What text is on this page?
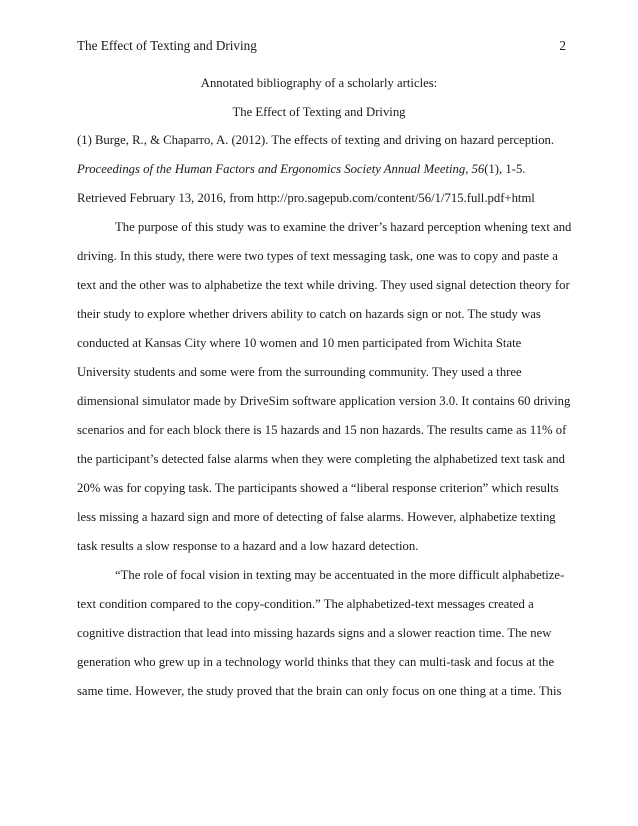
The Effect of Texting and Driving	2
Annotated bibliography of a scholarly articles:
The Effect of Texting and Driving
(1) Burge, R., & Chaparro, A. (2012). The effects of texting and driving on hazard perception.
Proceedings of the Human Factors and Ergonomics Society Annual Meeting, 56(1), 1-5.
Retrieved February 13, 2016, from http://pro.sagepub.com/content/56/1/715.full.pdf+html
The purpose of this study was to examine the driver’s hazard perception whening text and
driving. In this study, there were two types of text messaging task, one was to copy and paste a
text and the other was to alphabetize the text while driving. They used signal detection theory for
their study to explore whether drivers ability to catch on hazards sign or not. The study was
conducted at Kansas City where 10 women and 10 men participated from Wichita State
University students and some were from the surrounding community. They used a three
dimensional simulator made by DriveSim software application version 3.0. It contains 60 driving
scenarios and for each block there is 15 hazards and 15 non hazards. The results came as 11% of
the participant’s detected false alarms when they were completing the alphabetized text task and
20% was for copying task. The participants showed a “liberal response criterion” which results
less missing a hazard sign and more of detecting of false alarms. However, alphabetize texting
task results a slow response to a hazard and a low hazard detection.
“The role of focal vision in texting may be accentuated in the more difficult alphabetize-
text condition compared to the copy-condition.” The alphabetized-text messages created a
cognitive distraction that lead into missing hazards signs and a slower reaction time. The new
generation who grew up in a technology world thinks that they can multi-task and focus at the
same time. However, the study proved that the brain can only focus on one thing at a time. This
